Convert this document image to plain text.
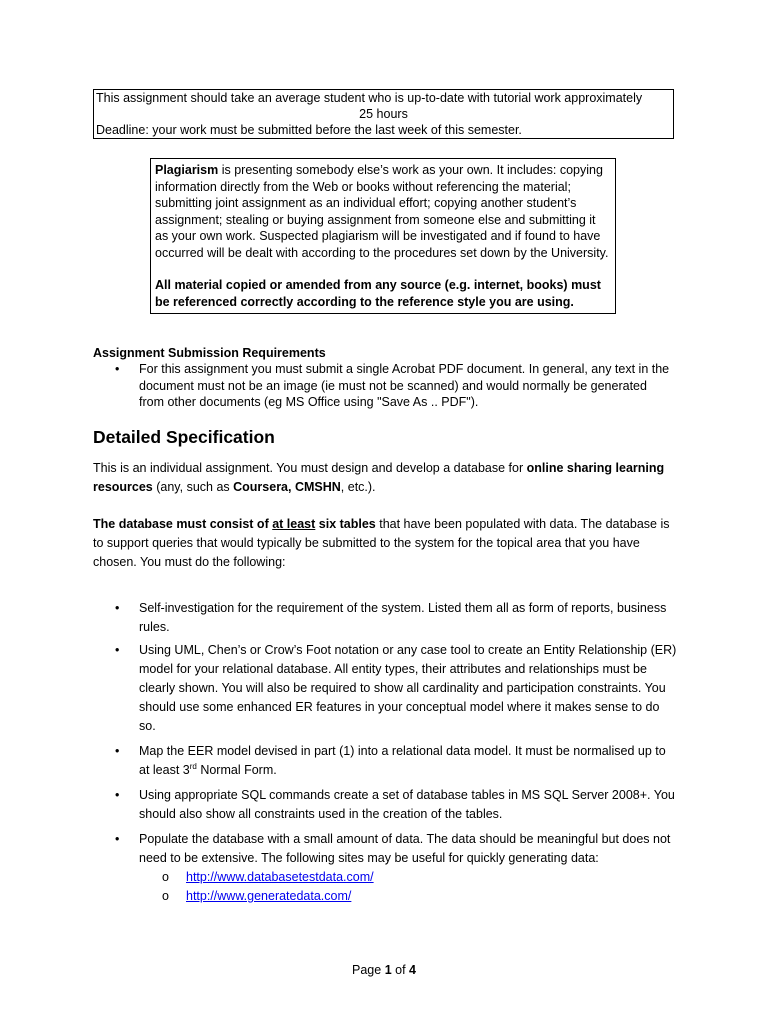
This assignment should take an average student who is up-to-date with tutorial work approximately
25 hours
Deadline: your work must be submitted before the last week of this semester.

Plagiarism is presenting somebody else’s work as your own. It includes: copying information directly from the Web or books without referencing the material; submitting joint assignment as an individual effort; copying another student’s assignment; stealing or buying assignment from someone else and submitting it as your own work. Suspected plagiarism will be investigated and if found to have occurred will be dealt with according to the procedures set down by the University.

All material copied or amended from any source (e.g. internet, books) must be referenced correctly according to the reference style you are using.

Assignment Submission Requirements
• For this assignment you must submit a single Acrobat PDF document. In general, any text in the document must not be an image (ie must not be scanned) and would normally be generated from other documents (eg MS Office using "Save As .. PDF").
Detailed Specification
This is an individual assignment. You must design and develop a database for online sharing learning resources (any, such as Coursera, CMSHN, etc.).
The database must consist of at least six tables that have been populated with data. The database is to support queries that would typically be submitted to the system for the topical area that you have chosen. You must do the following:
• Self-investigation for the requirement of the system. Listed them all as form of reports, business rules.
• Using UML, Chen’s or Crow’s Foot notation or any case tool to create an Entity Relationship (ER) model for your relational database. All entity types, their attributes and relationships must be clearly shown. You will also be required to show all cardinality and participation constraints. You should use some enhanced ER features in your conceptual model where it makes sense to do so.
• Map the EER model devised in part (1) into a relational data model. It must be normalised up to at least 3rd Normal Form.
• Using appropriate SQL commands create a set of database tables in MS SQL Server 2008+. You should also show all constraints used in the creation of the tables.
• Populate the database with a small amount of data. The data should be meaningful but does not need to be extensive. The following sites may be useful for quickly generating data:
o http://www.databasetestdata.com/
o http://www.generatedata.com/
Page 1 of 4
